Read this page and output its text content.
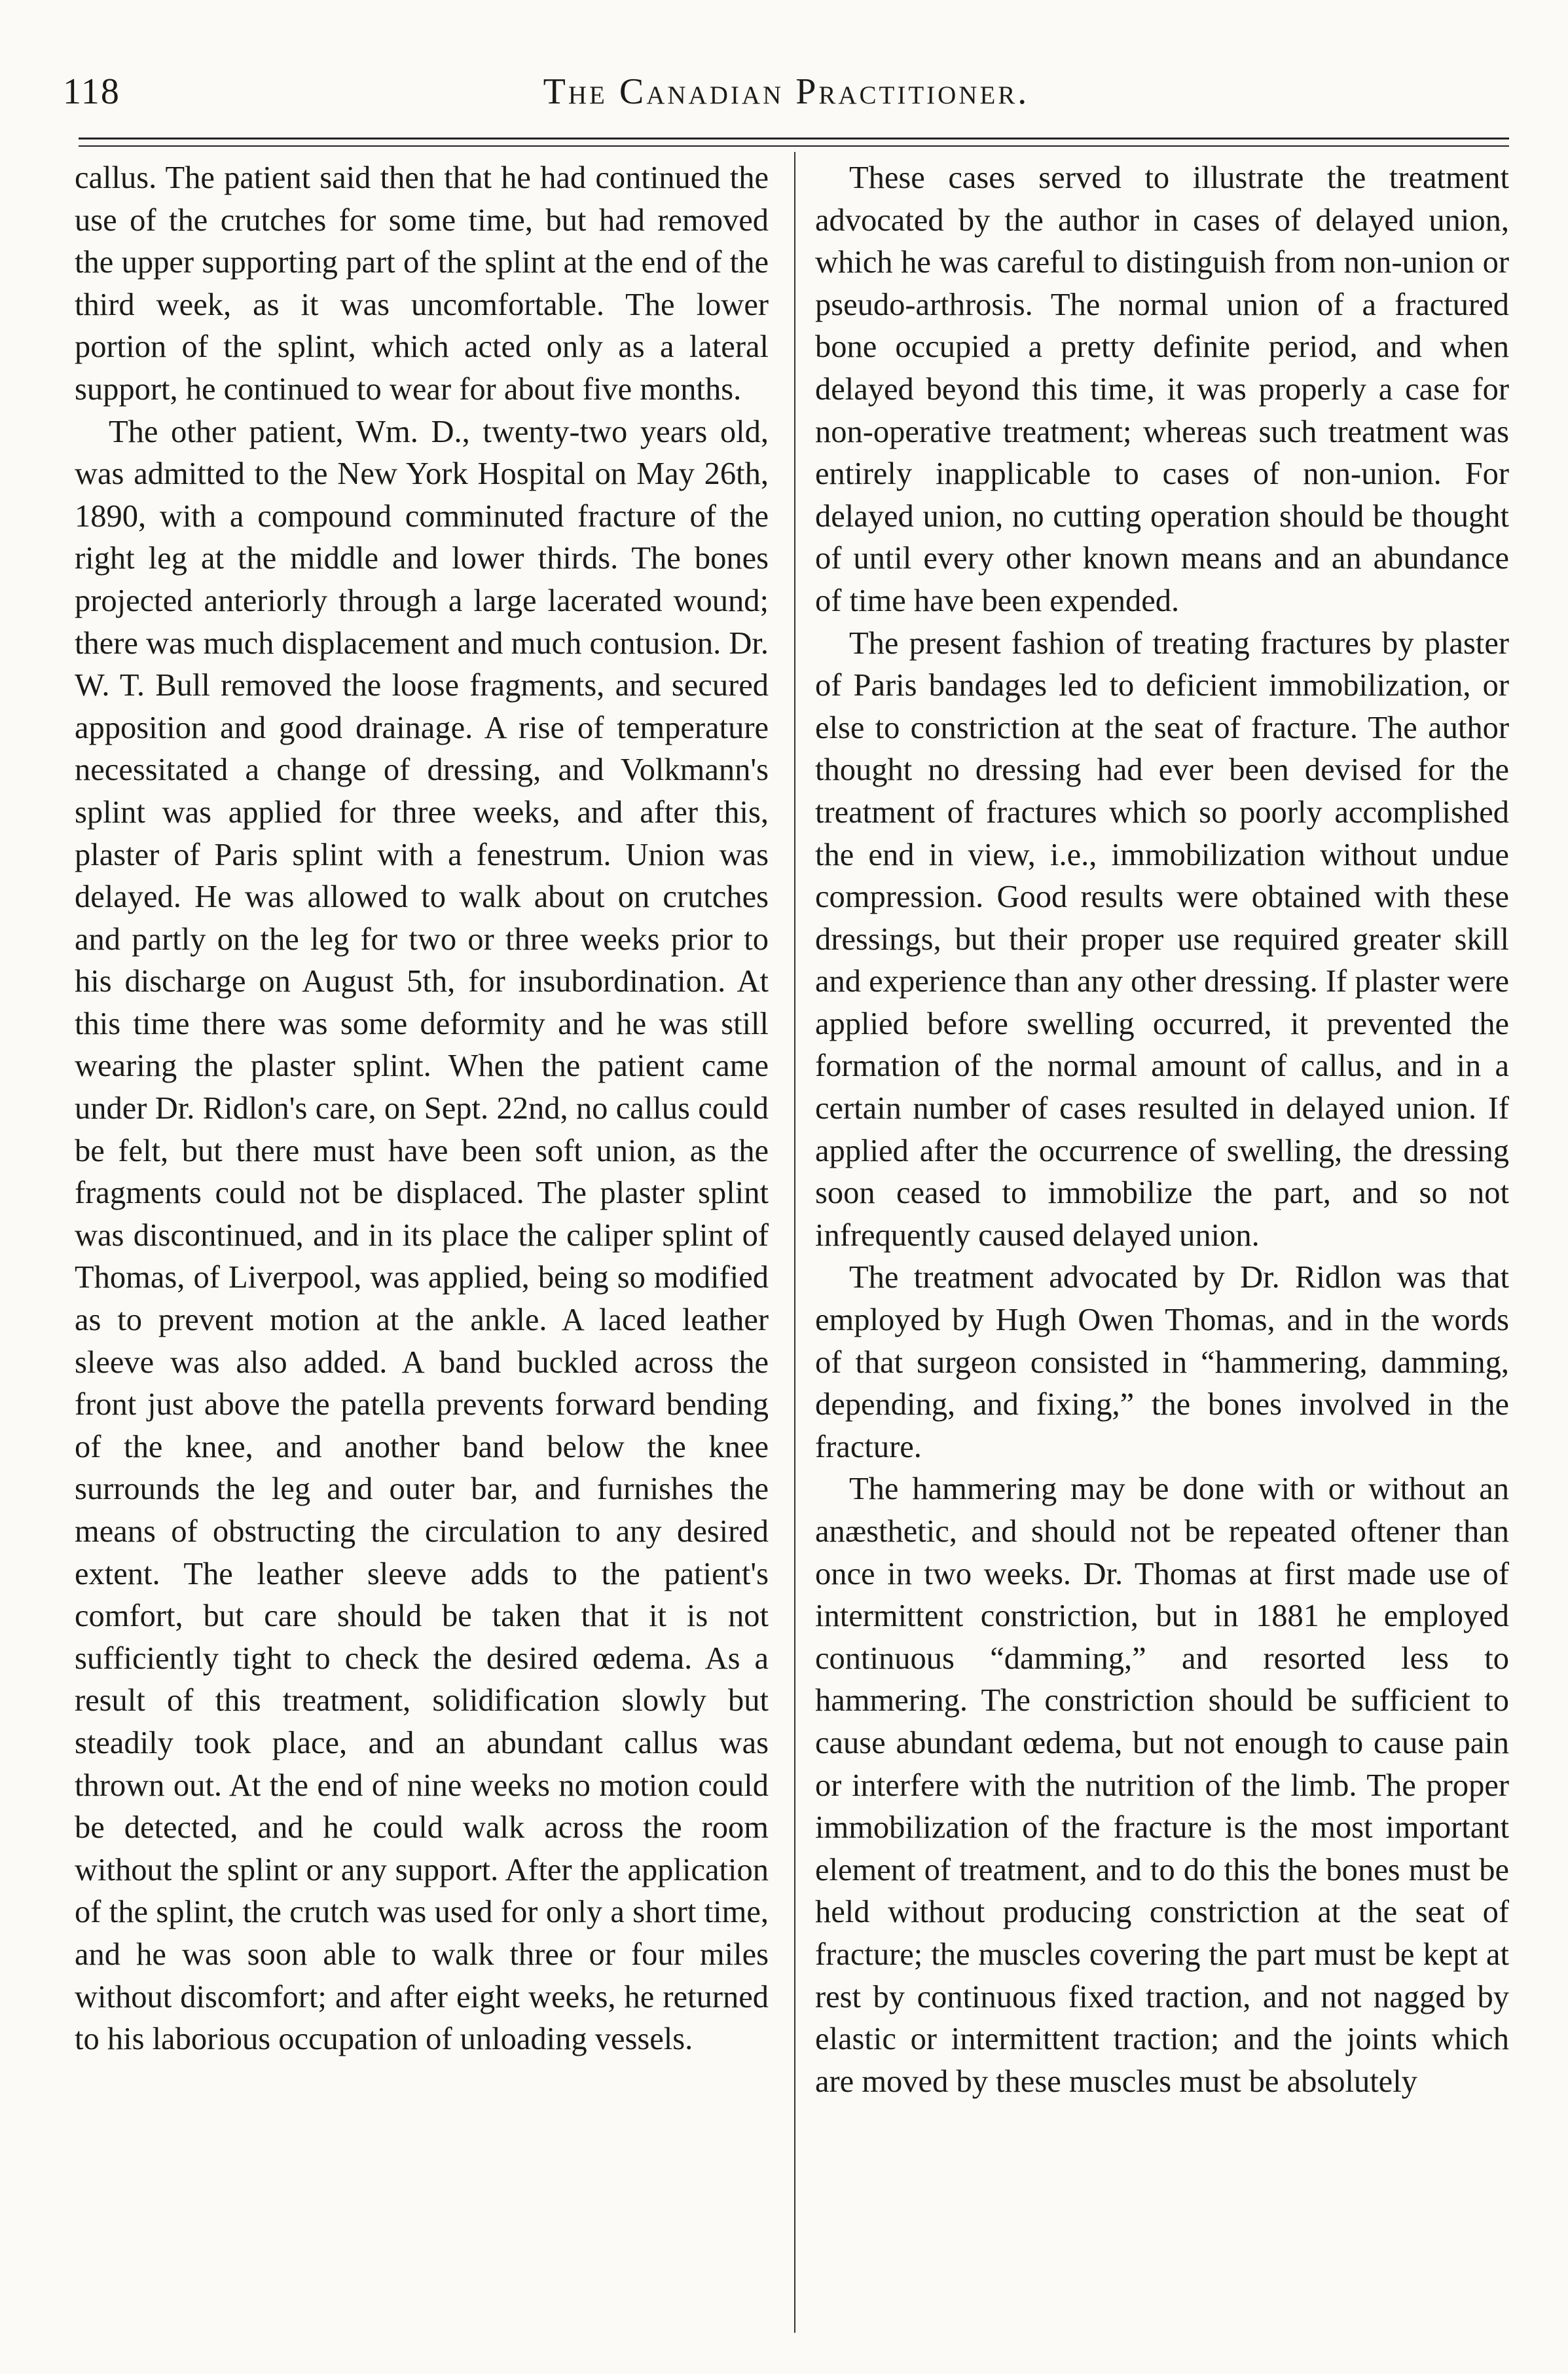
118	The Canadian Practitioner.

callus. The patient said then that he had continued the use of the crutches for some time, but had removed the upper supporting part of the splint at the end of the third week, as it was uncomfortable. The lower portion of the splint, which acted only as a lateral support, he continued to wear for about five months.

The other patient, Wm. D., twenty-two years old, was admitted to the New York Hospital on May 26th, 1890, with a compound comminuted fracture of the right leg at the middle and lower thirds. The bones projected anteriorly through a large lacerated wound; there was much displacement and much contusion. Dr. W. T. Bull removed the loose fragments, and secured apposition and good drainage. A rise of temperature necessitated a change of dressing, and Volkmann's splint was applied for three weeks, and after this, plaster of Paris splint with a fenestrum. Union was delayed. He was allowed to walk about on crutches and partly on the leg for two or three weeks prior to his discharge on August 5th, for insubordination. At this time there was some deformity and he was still wearing the plaster splint. When the patient came under Dr. Ridlon's care, on Sept. 22nd, no callus could be felt, but there must have been soft union, as the fragments could not be displaced. The plaster splint was discontinued, and in its place the caliper splint of Thomas, of Liverpool, was applied, being so modified as to prevent motion at the ankle. A laced leather sleeve was also added. A band buckled across the front just above the patella prevents forward bending of the knee, and another band below the knee surrounds the leg and outer bar, and furnishes the means of obstructing the circulation to any desired extent. The leather sleeve adds to the patient's comfort, but care should be taken that it is not sufficiently tight to check the desired œdema. As a result of this treatment, solidification slowly but steadily took place, and an abundant callus was thrown out. At the end of nine weeks no motion could be detected, and he could walk across the room without the splint or any support. After the application of the splint, the crutch was used for only a short time, and he was soon able to walk three or four miles without discomfort; and after eight weeks, he returned to his laborious occupation of unloading vessels.

These cases served to illustrate the treatment advocated by the author in cases of delayed union, which he was careful to distinguish from non-union or pseudo-arthrosis. The normal union of a fractured bone occupied a pretty definite period, and when delayed beyond this time, it was properly a case for non-operative treatment; whereas such treatment was entirely inapplicable to cases of non-union. For delayed union, no cutting operation should be thought of until every other known means and an abundance of time have been expended.

The present fashion of treating fractures by plaster of Paris bandages led to deficient immobilization, or else to constriction at the seat of fracture. The author thought no dressing had ever been devised for the treatment of fractures which so poorly accomplished the end in view, i.e., immobilization without undue compression. Good results were obtained with these dressings, but their proper use required greater skill and experience than any other dressing. If plaster were applied before swelling occurred, it prevented the formation of the normal amount of callus, and in a certain number of cases resulted in delayed union. If applied after the occurrence of swelling, the dressing soon ceased to immobilize the part, and so not infrequently caused delayed union.

The treatment advocated by Dr. Ridlon was that employed by Hugh Owen Thomas, and in the words of that surgeon consisted in “hammering, damming, depending, and fixing,” the bones involved in the fracture.

The hammering may be done with or without an anæsthetic, and should not be repeated oftener than once in two weeks. Dr. Thomas at first made use of intermittent constriction, but in 1881 he employed continuous “damming,” and resorted less to hammering. The constriction should be sufficient to cause abundant œdema, but not enough to cause pain or interfere with the nutrition of the limb. The proper immobilization of the fracture is the most important element of treatment, and to do this the bones must be held without producing constriction at the seat of fracture; the muscles covering the part must be kept at rest by continuous fixed traction, and not nagged by elastic or intermittent traction; and the joints which are moved by these muscles must be absolutely
